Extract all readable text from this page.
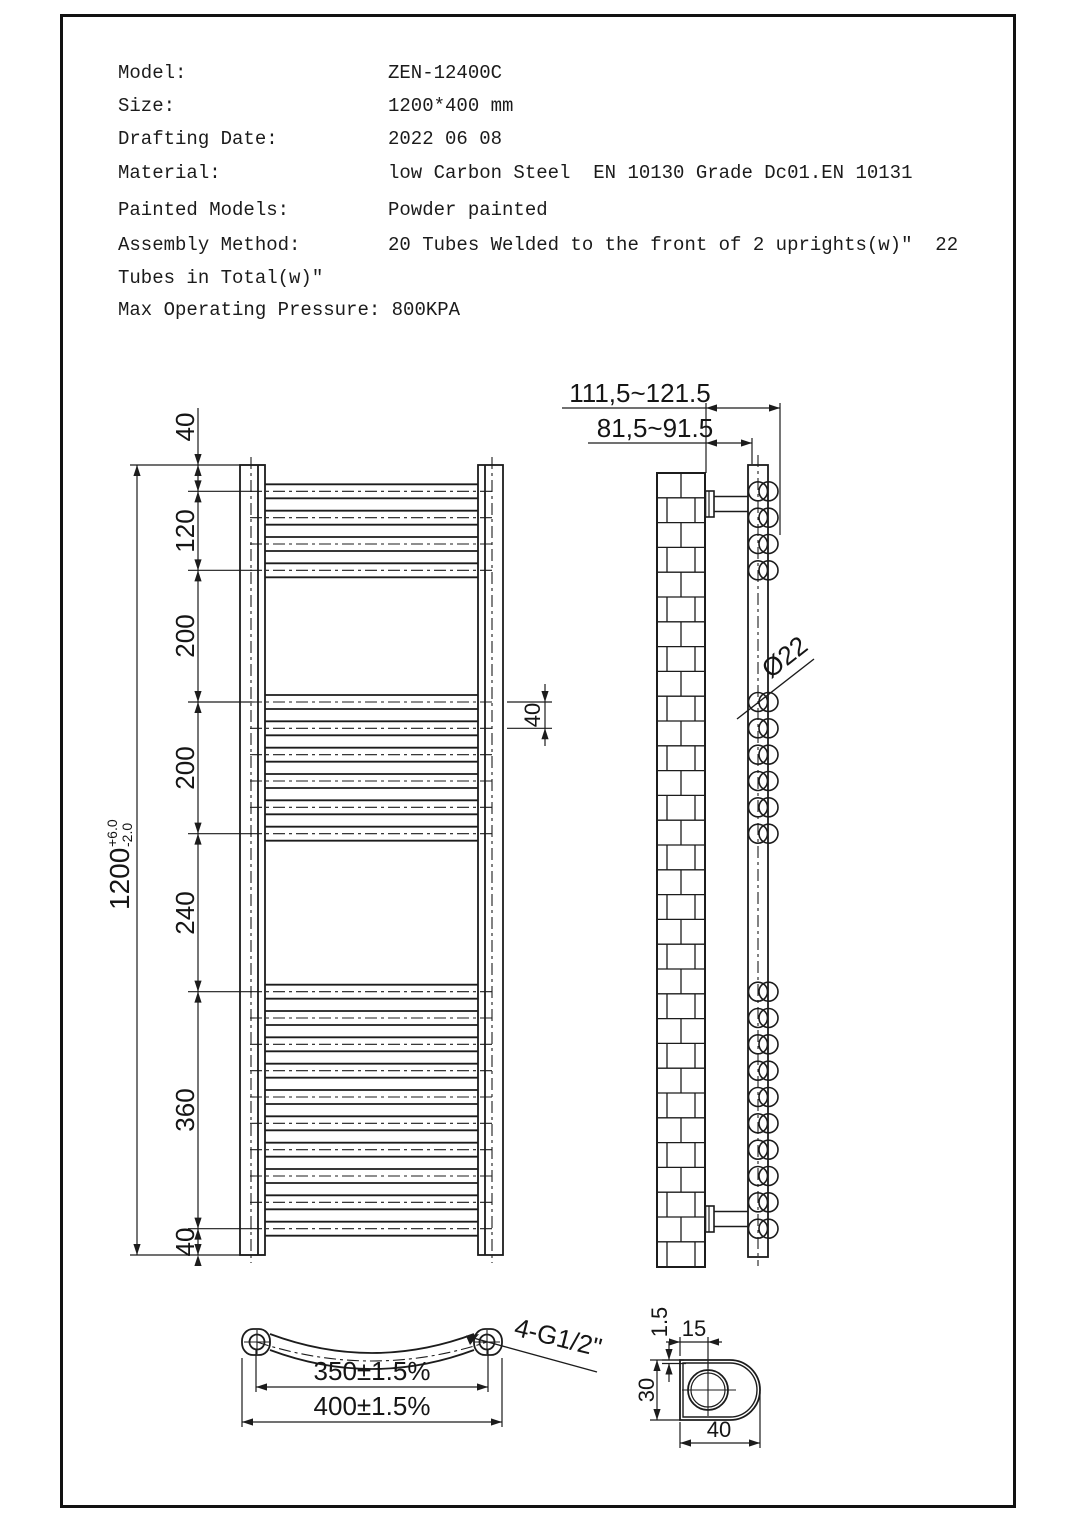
Model:	ZEN-12400C
Size:	1200*400 mm
Drafting Date:	2022 06 08
Material:	low Carbon Steel  EN 10130 Grade Dc01.EN 10131
Painted Models:	Powder painted
Assembly Method:	20 Tubes Welded to the front of 2 uprights(w)"  22
Tubes in Total(w)"
Max Operating Pressure: 800KPA
40
120
200
200
240
360
40
40
1200
+6.0 -2.0
111,5~121.5
81,5~91.5
Ø22
350±1.5%
400±1.5%
4-G1/2" 1.5 15
30
40
